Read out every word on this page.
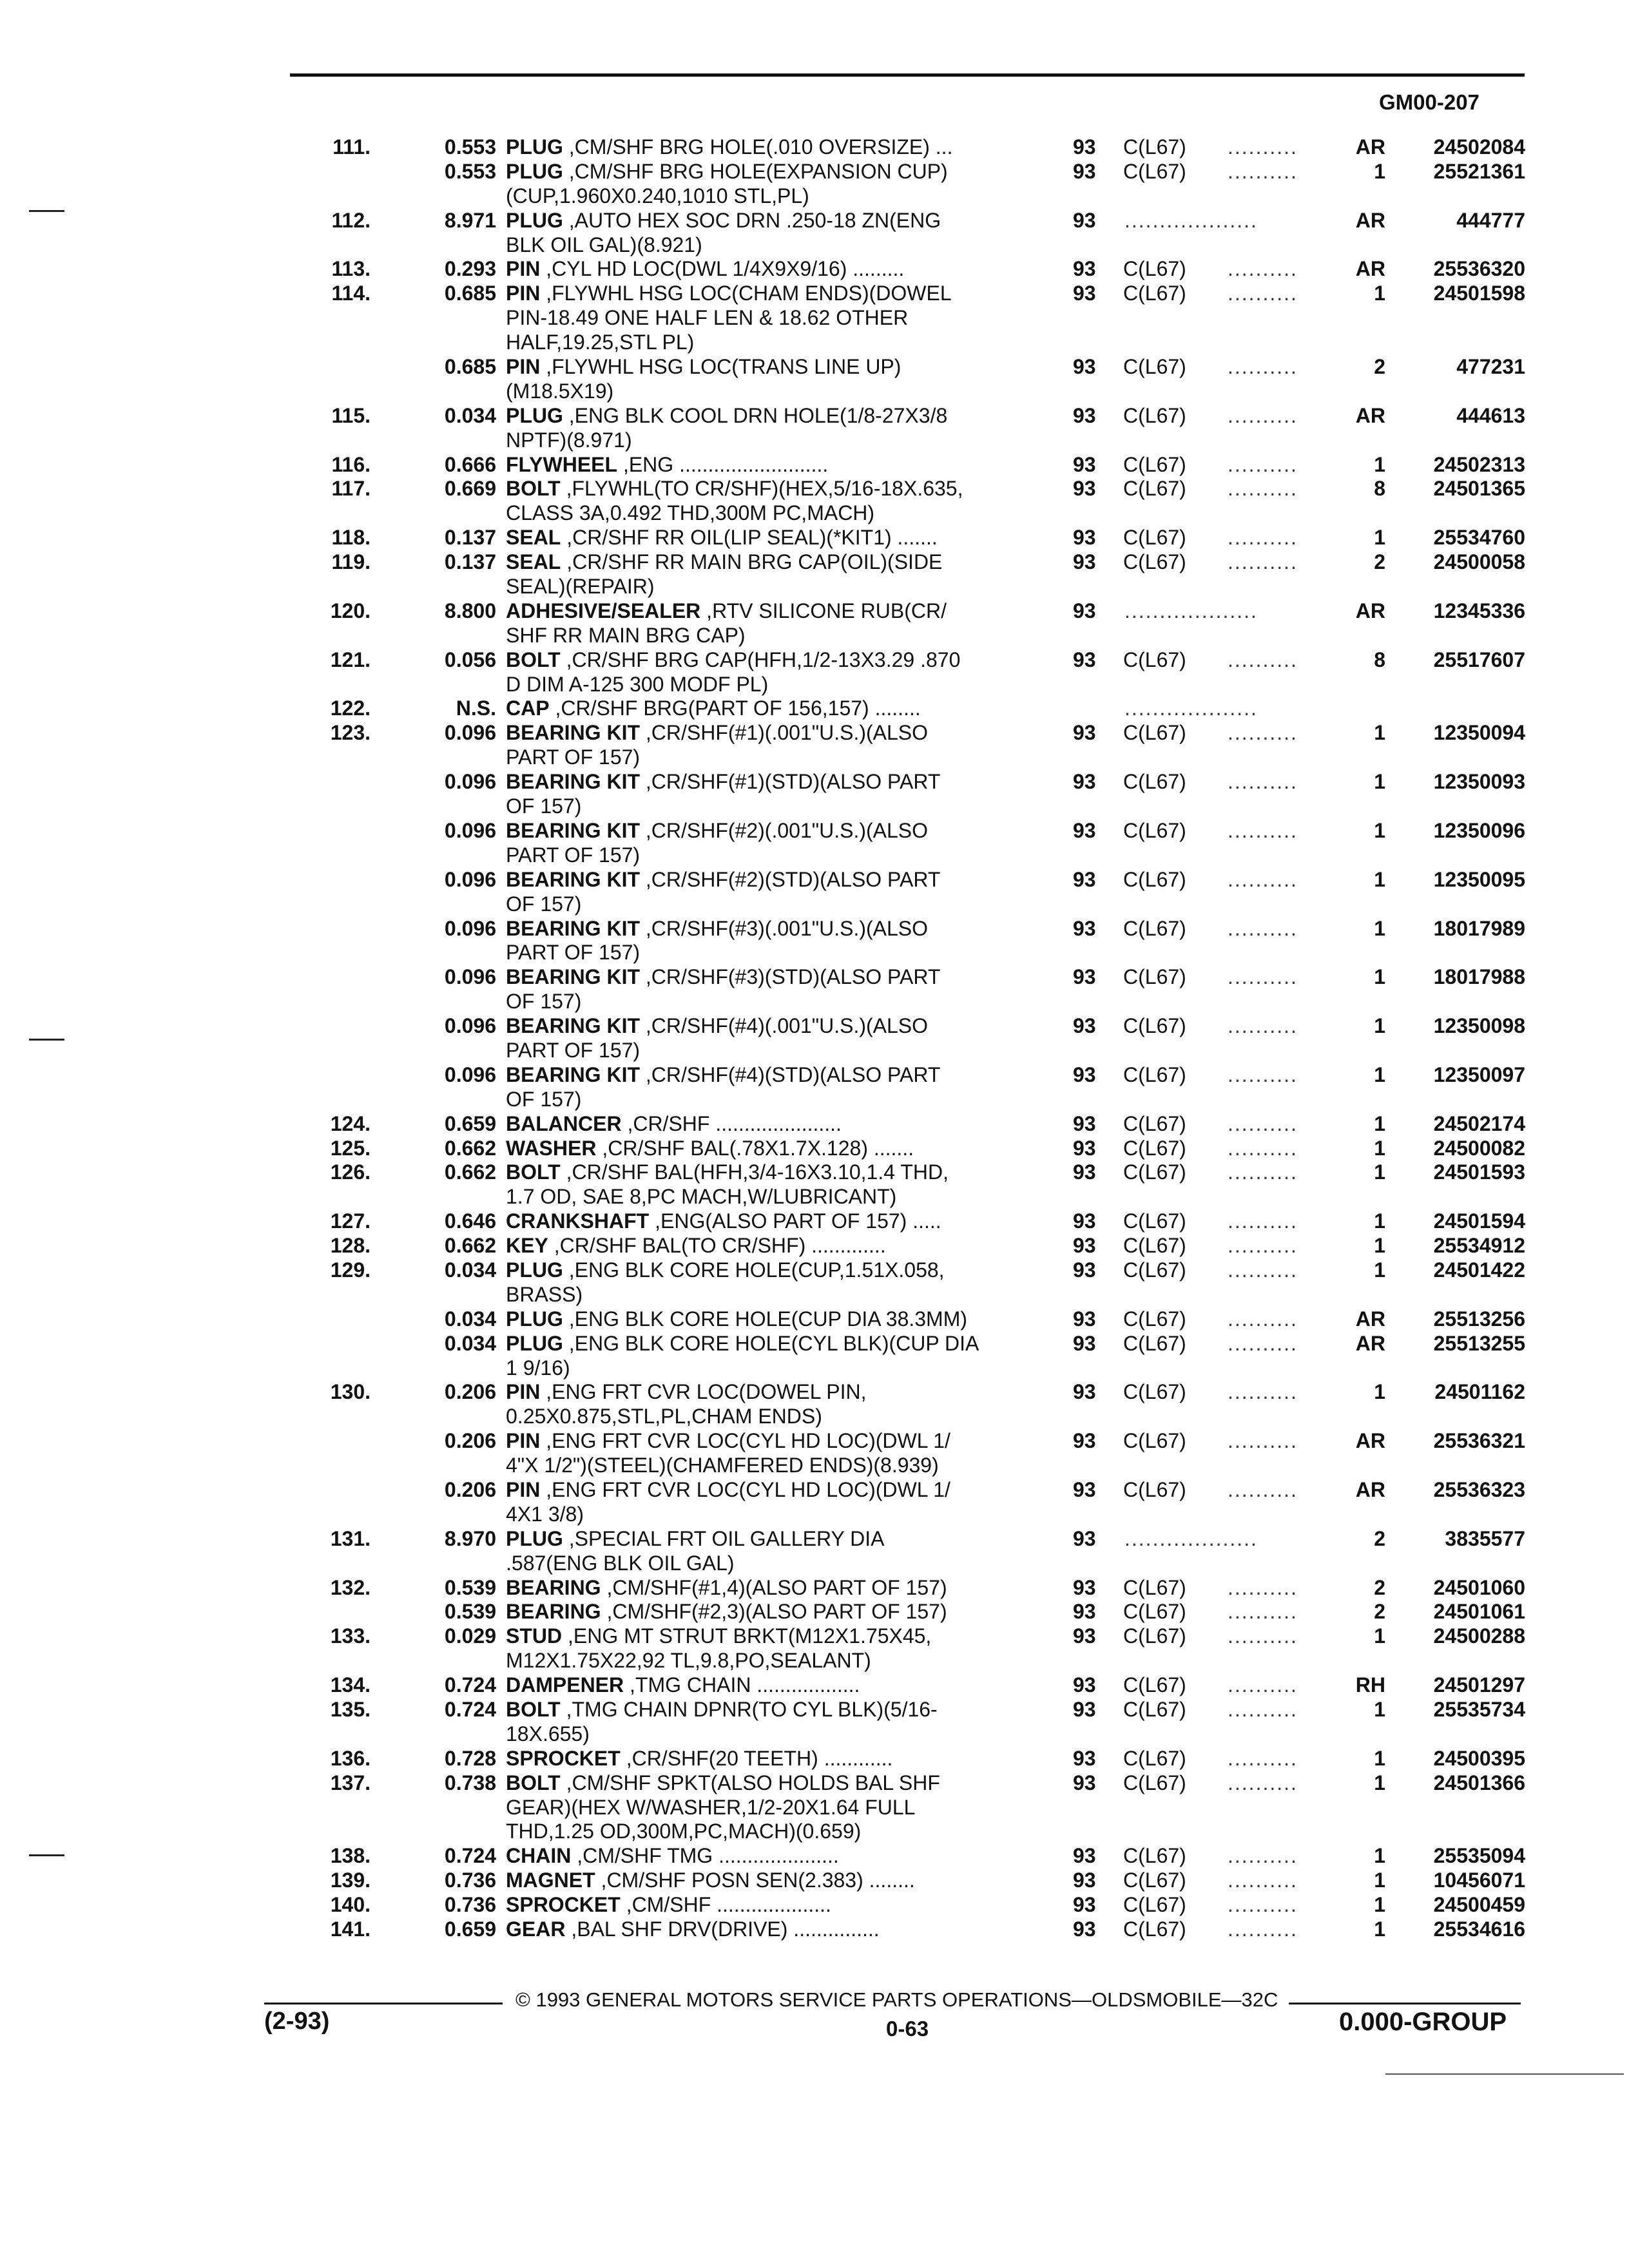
GM00-207
111.	0.553 PLUG ,CM/SHF BRG HOLE(.010 OVERSIZE) ...	93 C(L67) ..........	AR	24502084
0.553 PLUG ,CM/SHF BRG HOLE(EXPANSION CUP)	93 C(L67) ..........	1	25521361
(CUP,1.960X0.240,1010 STL,PL)
112.	8.971 PLUG ,AUTO HEX SOC DRN .250-18 ZN(ENG	93 ...................	AR	444777
BLK OIL GAL)(8.921)
113.	0.293 PIN ,CYL HD LOC(DWL 1/4X9X9/16) .........	93 C(L67) ..........	AR	25536320
114.	0.685 PIN ,FLYWHL HSG LOC(CHAM ENDS)(DOWEL	93 C(L67) ..........	1	24501598
PIN-18.49 ONE HALF LEN & 18.62 OTHER
HALF,19.25,STL PL)
0.685 PIN ,FLYWHL HSG LOC(TRANS LINE UP)	93 C(L67) ..........	2	477231
(M18.5X19)
115.	0.034 PLUG ,ENG BLK COOL DRN HOLE(1/8-27X3/8	93 C(L67) ..........	AR	444613
NPTF)(8.971)
116.	0.666 FLYWHEEL ,ENG ..........................	93 C(L67) ..........	1	24502313
117.	0.669 BOLT ,FLYWHL(TO CR/SHF)(HEX,5/16-18X.635,	93 C(L67) ..........	8	24501365
CLASS 3A,0.492 THD,300M PC,MACH)
118.	0.137 SEAL ,CR/SHF RR OIL(LIP SEAL)(*KIT1) .......	93 C(L67) ..........	1	25534760
119.	0.137 SEAL ,CR/SHF RR MAIN BRG CAP(OIL)(SIDE	93 C(L67) ..........	2	24500058
SEAL)(REPAIR)
120.	8.800 ADHESIVE/SEALER ,RTV SILICONE RUB(CR/	93 ...................	AR	12345336
SHF RR MAIN BRG CAP)
121.	0.056 BOLT ,CR/SHF BRG CAP(HFH,1/2-13X3.29 .870	93 C(L67) ..........	8	25517607
D DIM A-125 300 MODF PL)
122.	N.S. CAP ,CR/SHF BRG(PART OF 156,157) ........	...................
123.	0.096 BEARING KIT ,CR/SHF(#1)(.001"U.S.)(ALSO	93 C(L67) ..........	1	12350094
PART OF 157)
0.096 BEARING KIT ,CR/SHF(#1)(STD)(ALSO PART	93 C(L67) ..........	1	12350093
OF 157)
0.096 BEARING KIT ,CR/SHF(#2)(.001"U.S.)(ALSO	93 C(L67) ..........	1	12350096
PART OF 157)
0.096 BEARING KIT ,CR/SHF(#2)(STD)(ALSO PART	93 C(L67) ..........	1	12350095
OF 157)
0.096 BEARING KIT ,CR/SHF(#3)(.001"U.S.)(ALSO	93 C(L67) ..........	1	18017989
PART OF 157)
0.096 BEARING KIT ,CR/SHF(#3)(STD)(ALSO PART	93 C(L67) ..........	1	18017988
OF 157)
0.096 BEARING KIT ,CR/SHF(#4)(.001"U.S.)(ALSO	93 C(L67) ..........	1	12350098
PART OF 157)
0.096 BEARING KIT ,CR/SHF(#4)(STD)(ALSO PART	93 C(L67) ..........	1	12350097
OF 157)
124.	0.659 BALANCER ,CR/SHF ......................	93 C(L67) ..........	1	24502174
125.	0.662 WASHER ,CR/SHF BAL(.78X1.7X.128) .......	93 C(L67) ..........	1	24500082
126.	0.662 BOLT ,CR/SHF BAL(HFH,3/4-16X3.10,1.4 THD,	93 C(L67) ..........	1	24501593
1.7 OD, SAE 8,PC MACH,W/LUBRICANT)
127.	0.646 CRANKSHAFT ,ENG(ALSO PART OF 157) .....	93 C(L67) ..........	1	24501594
128.	0.662 KEY ,CR/SHF BAL(TO CR/SHF) .............	93 C(L67) ..........	1	25534912
129.	0.034 PLUG ,ENG BLK CORE HOLE(CUP,1.51X.058,	93 C(L67) ..........	1	24501422
BRASS)
0.034 PLUG ,ENG BLK CORE HOLE(CUP DIA 38.3MM)	93 C(L67) ..........	AR	25513256
0.034 PLUG ,ENG BLK CORE HOLE(CYL BLK)(CUP DIA	93 C(L67) ..........	AR	25513255
1 9/16)
130.	0.206 PIN ,ENG FRT CVR LOC(DOWEL PIN,	93 C(L67) ..........	1	24501162
0.25X0.875,STL,PL,CHAM ENDS)
0.206 PIN ,ENG FRT CVR LOC(CYL HD LOC)(DWL 1/	93 C(L67) ..........	AR	25536321
4"X 1/2")(STEEL)(CHAMFERED ENDS)(8.939)
0.206 PIN ,ENG FRT CVR LOC(CYL HD LOC)(DWL 1/	93 C(L67) ..........	AR	25536323
4X1 3/8)
131.	8.970 PLUG ,SPECIAL FRT OIL GALLERY DIA	93 ...................	2	3835577
.587(ENG BLK OIL GAL)
132.	0.539 BEARING ,CM/SHF(#1,4)(ALSO PART OF 157)	93 C(L67) ..........	2	24501060
0.539 BEARING ,CM/SHF(#2,3)(ALSO PART OF 157)	93 C(L67) ..........	2	24501061
133.	0.029 STUD ,ENG MT STRUT BRKT(M12X1.75X45,	93 C(L67) ..........	1	24500288
M12X1.75X22,92 TL,9.8,PO,SEALANT)
134.	0.724 DAMPENER ,TMG CHAIN ..................	93 C(L67) ..........	RH	24501297
135.	0.724 BOLT ,TMG CHAIN DPNR(TO CYL BLK)(5/16-	93 C(L67) ..........	1	25535734
18X.655)
136.	0.728 SPROCKET ,CR/SHF(20 TEETH) ............	93 C(L67) ..........	1	24500395
137.	0.738 BOLT ,CM/SHF SPKT(ALSO HOLDS BAL SHF	93 C(L67) ..........	1	24501366
GEAR)(HEX W/WASHER,1/2-20X1.64 FULL
THD,1.25 OD,300M,PC,MACH)(0.659)
138.	0.724 CHAIN ,CM/SHF TMG .....................	93 C(L67) ..........	1	25535094
139.	0.736 MAGNET ,CM/SHF POSN SEN(2.383) ........	93 C(L67) ..........	1	10456071
140.	0.736 SPROCKET ,CM/SHF ....................	93 C(L67) ..........	1	24500459
141.	0.659 GEAR ,BAL SHF DRV(DRIVE) ...............	93 C(L67) ..........	1	25534616
© 1993 GENERAL MOTORS SERVICE PARTS OPERATIONS—OLDSMOBILE—32C
(2-93)	0-63	0.000-GROUP
